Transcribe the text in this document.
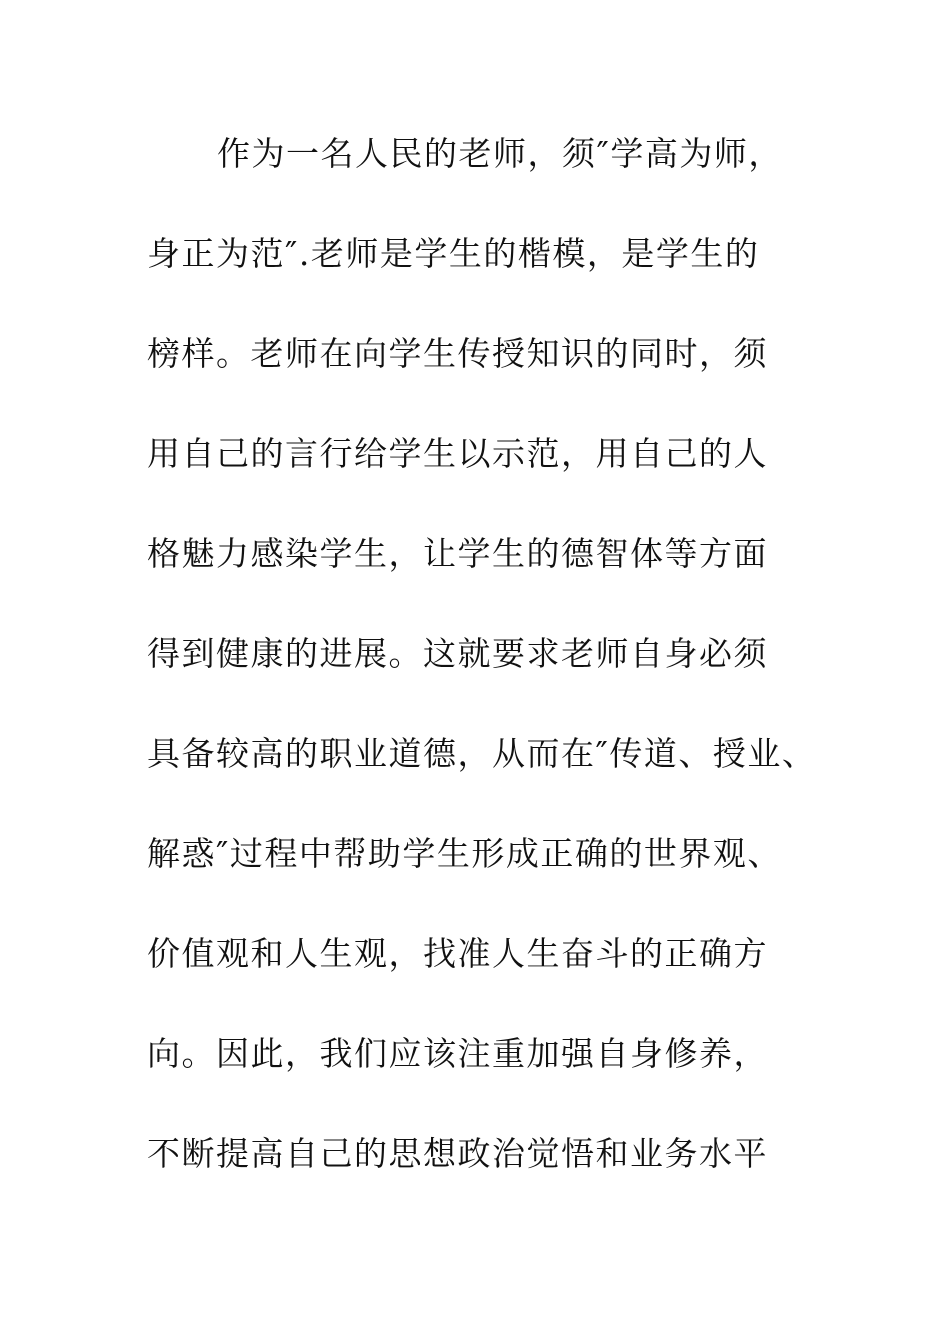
作为一名人民的老师，须″学高为师，
身正为范″.老师是学生的楷模，是学生的
榜样。老师在向学生传授知识的同时，须
用自己的言行给学生以示范，用自己的人
格魅力感染学生，让学生的德智体等方面
得到健康的进展。这就要求老师自身必须
具备较高的职业道德，从而在″传道、授业、
解惑″过程中帮助学生形成正确的世界观、
价值观和人生观，找准人生奋斗的正确方
向。因此，我们应该注重加强自身修养，
不断提高自己的思想政治觉悟和业务水平
